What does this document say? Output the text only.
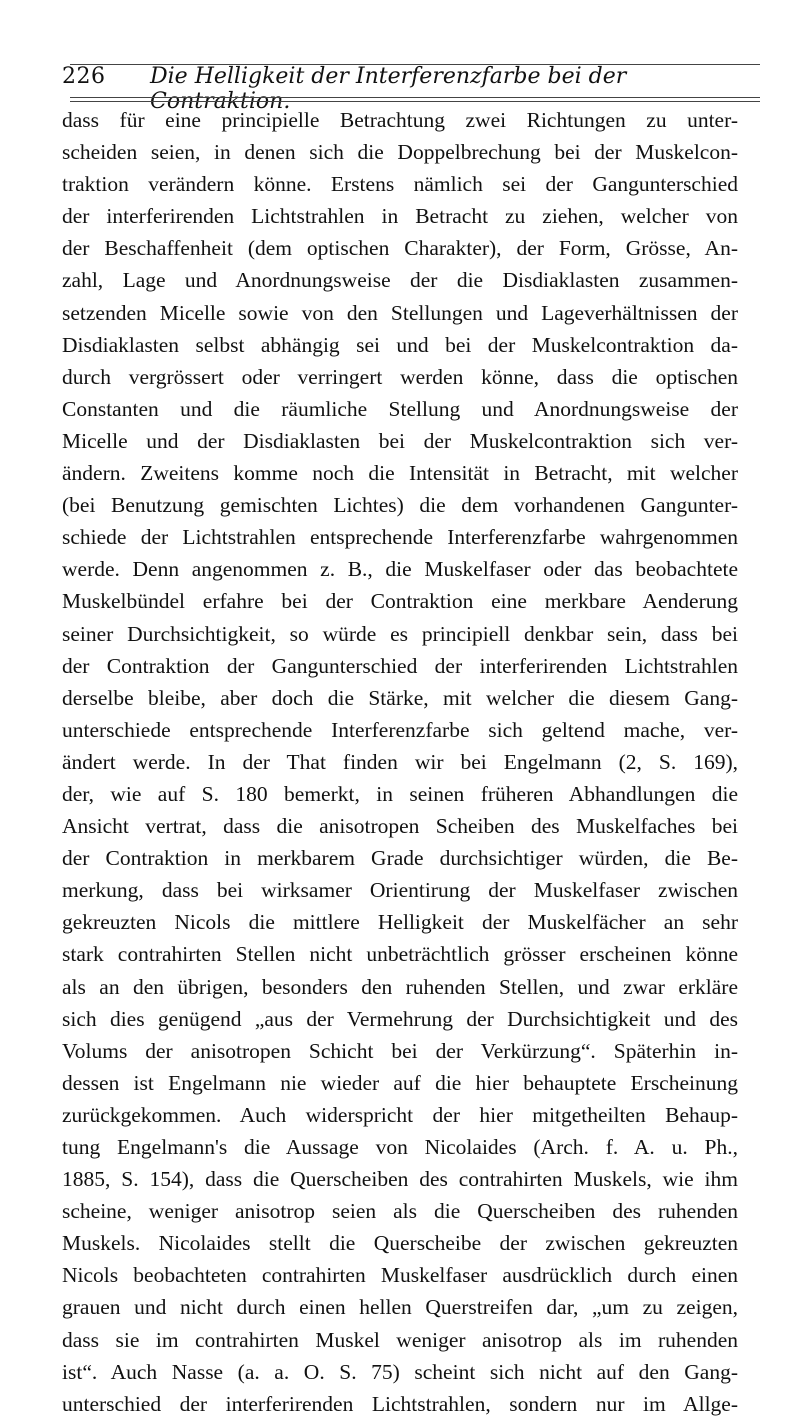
226 Die Helligkeit der Interferenzfarbe bei der Contraktion.
dass für eine principielle Betrachtung zwei Richtungen zu unter-
scheiden seien, in denen sich die Doppelbrechung bei der Muskelcon-
traktion verändern könne. Erstens nämlich sei der Gangunterschied
der interferirenden Lichtstrahlen in Betracht zu ziehen, welcher von
der Beschaffenheit (dem optischen Charakter), der Form, Grösse, An-
zahl, Lage und Anordnungsweise der die Disdiaklasten zusammen-
setzenden Micelle sowie von den Stellungen und Lageverhältnissen der
Disdiaklasten selbst abhängig sei und bei der Muskelcontraktion da-
durch vergrössert oder verringert werden könne, dass die optischen
Constanten und die räumliche Stellung und Anordnungsweise der
Micelle und der Disdiaklasten bei der Muskelcontraktion sich ver-
ändern. Zweitens komme noch die Intensität in Betracht, mit welcher
(bei Benutzung gemischten Lichtes) die dem vorhandenen Gangunter-
schiede der Lichtstrahlen entsprechende Interferenzfarbe wahrgenommen
werde. Denn angenommen z. B., die Muskelfaser oder das beobachtete
Muskelbündel erfahre bei der Contraktion eine merkbare Aenderung
seiner Durchsichtigkeit, so würde es principiell denkbar sein, dass bei
der Contraktion der Gangunterschied der interferirenden Lichtstrahlen
derselbe bleibe, aber doch die Stärke, mit welcher die diesem Gang-
unterschiede entsprechende Interferenzfarbe sich geltend mache, ver-
ändert werde. In der That finden wir bei Engelmann (2, S. 169),
der, wie auf S. 180 bemerkt, in seinen früheren Abhandlungen die
Ansicht vertrat, dass die anisotropen Scheiben des Muskelfaches bei
der Contraktion in merkbarem Grade durchsichtiger würden, die Be-
merkung, dass bei wirksamer Orientirung der Muskelfaser zwischen
gekreuzten Nicols die mittlere Helligkeit der Muskelfächer an sehr
stark contrahirten Stellen nicht unbeträchtlich grösser erscheinen könne
als an den übrigen, besonders den ruhenden Stellen, und zwar erkläre
sich dies genügend „aus der Vermehrung der Durchsichtigkeit und des
Volums der anisotropen Schicht bei der Verkürzung“. Späterhin in-
dessen ist Engelmann nie wieder auf die hier behauptete Erscheinung
zurückgekommen. Auch widerspricht der hier mitgetheilten Behaup-
tung Engelmann's die Aussage von Nicolaides (Arch. f. A. u. Ph.,
1885, S. 154), dass die Querscheiben des contrahirten Muskels, wie ihm
scheine, weniger anisotrop seien als die Querscheiben des ruhenden
Muskels. Nicolaides stellt die Querscheibe der zwischen gekreuzten
Nicols beobachteten contrahirten Muskelfaser ausdrücklich durch einen
grauen und nicht durch einen hellen Querstreifen dar, „um zu zeigen,
dass sie im contrahirten Muskel weniger anisotrop als im ruhenden
ist“. Auch Nasse (a. a. O. S. 75) scheint sich nicht auf den Gang-
unterschied der interferirenden Lichtstrahlen, sondern nur im Allge-
